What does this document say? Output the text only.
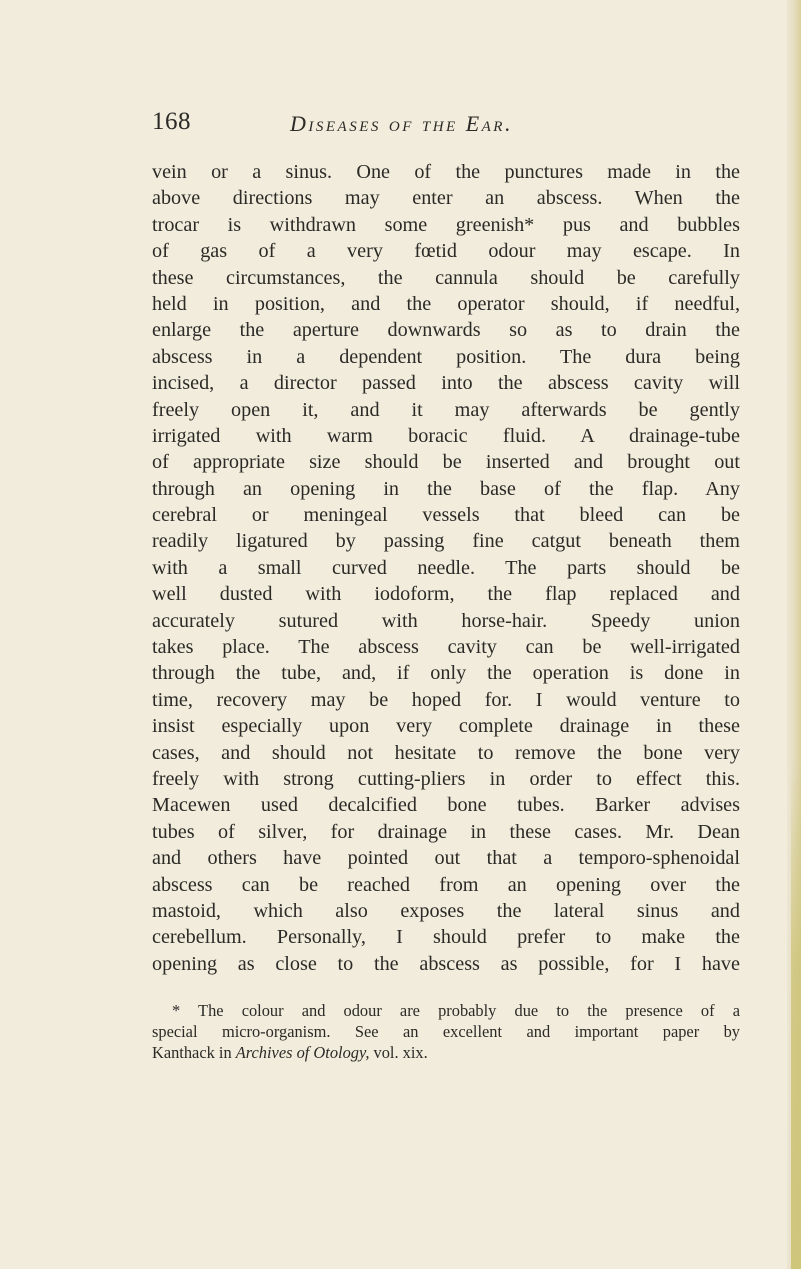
168	Diseases of the Ear.
vein or a sinus. One of the punctures made in the
above directions may enter an abscess. When the
trocar is withdrawn some greenish* pus and bubbles
of gas of a very fœtid odour may escape. In
these circumstances, the cannula should be carefully
held in position, and the operator should, if needful,
enlarge the aperture downwards so as to drain the
abscess in a dependent position. The dura being
incised, a director passed into the abscess cavity will
freely open it, and it may afterwards be gently
irrigated with warm boracic fluid. A drainage-tube
of appropriate size should be inserted and brought out
through an opening in the base of the flap. Any
cerebral or meningeal vessels that bleed can be
readily ligatured by passing fine catgut beneath them
with a small curved needle. The parts should be
well dusted with iodoform, the flap replaced and
accurately sutured with horse-hair. Speedy union
takes place. The abscess cavity can be well-irrigated
through the tube, and, if only the operation is done in
time, recovery may be hoped for. I would venture to
insist especially upon very complete drainage in these
cases, and should not hesitate to remove the bone very
freely with strong cutting-pliers in order to effect this.
Macewen used decalcified bone tubes. Barker advises
tubes of silver, for drainage in these cases. Mr. Dean
and others have pointed out that a temporo-sphenoidal
abscess can be reached from an opening over the
mastoid, which also exposes the lateral sinus and
cerebellum. Personally, I should prefer to make the
opening as close to the abscess as possible, for I have
* The colour and odour are probably due to the presence of a
special micro-organism. See an excellent and important paper by
Kanthack in Archives of Otology, vol. xix.
